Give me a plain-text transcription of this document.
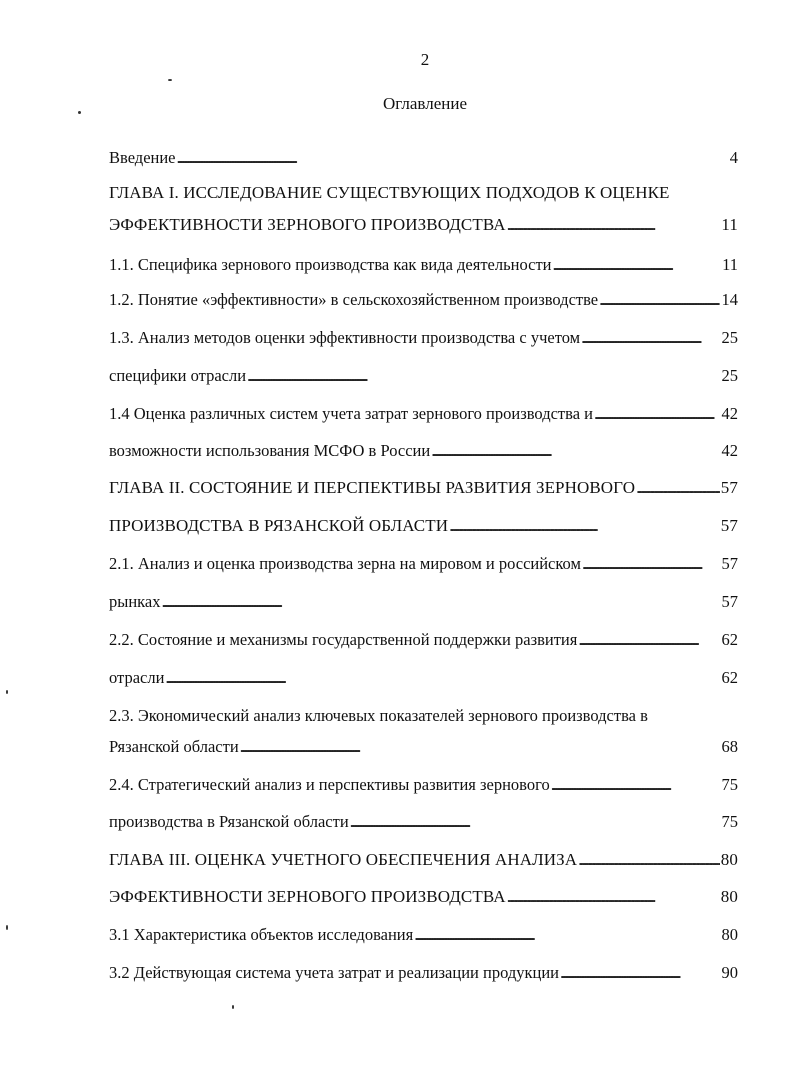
2
Оглавление
Введение . . .	4
ГЛАВА I. ИССЛЕДОВАНИЕ СУЩЕСТВУЮЩИХ ПОДХОДОВ К ОЦЕНКЕ
ЭФФЕКТИВНОСТИ ЗЕРНОВОГО ПРОИЗВОДСТВА . . .	11
1.1. Специфика зернового производства как вида деятельности . . .	11
1.2. Понятие «эффективности» в сельскохозяйственном производстве . . .	14
1.3. Анализ методов оценки эффективности производства с учетом . . .	25
специфики отрасли . . .	25
1.4 Оценка различных систем учета затрат зернового производства и . . .	42
возможности использования МСФО в России . . .	42
ГЛАВА II. СОСТОЯНИЕ И ПЕРСПЕКТИВЫ РАЗВИТИЯ ЗЕРНОВОГО . . .	57
ПРОИЗВОДСТВА В РЯЗАНСКОЙ ОБЛАСТИ . . .	57
2.1. Анализ и оценка производства зерна на мировом и российском . . .	57
рынках . . .	57
2.2. Состояние и механизмы государственной поддержки развития . . .	62
отрасли . . .	62
2.3. Экономический анализ ключевых показателей зернового производства в
Рязанской области . . .	68
2.4. Стратегический анализ и перспективы развития зернового . . .	75
производства в Рязанской области . . .	75
ГЛАВА III. ОЦЕНКА УЧЕТНОГО ОБЕСПЕЧЕНИЯ АНАЛИЗА . . .	80
ЭФФЕКТИВНОСТИ ЗЕРНОВОГО ПРОИЗВОДСТВА . . .	80
3.1 Характеристика объектов исследования . . .	80
3.2 Действующая система учета затрат и реализации продукции . . .	90
